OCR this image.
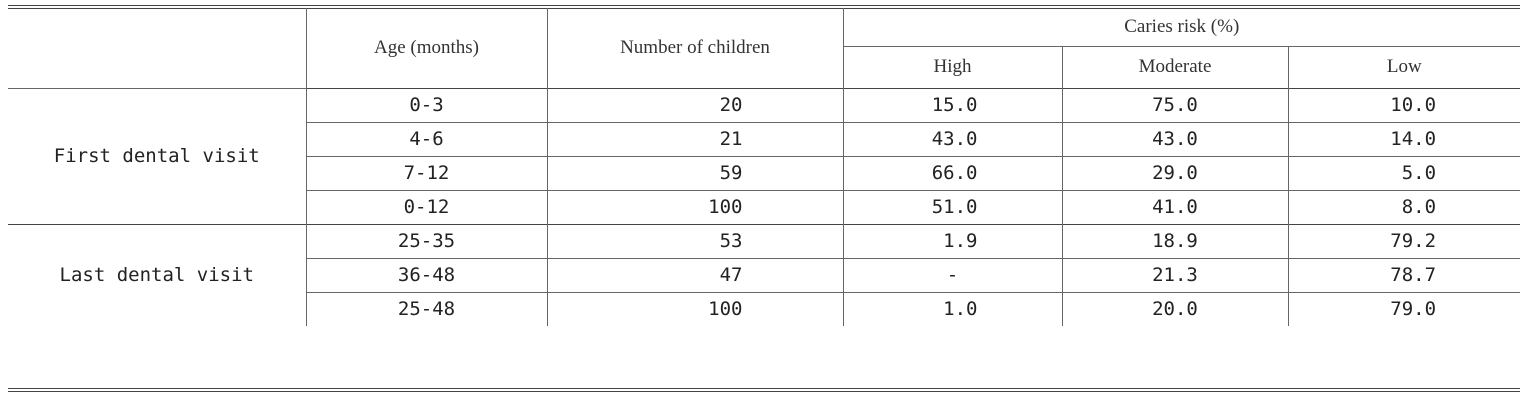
	Age (months)	Number of children	Caries risk (%)		
			High	Moderate	Low
First dental visit	0-3	20	15.0	75.0	10.0
	4-6	21	43.0	43.0	14.0
	7-12	59	66.0	29.0	5.0
	0-12	100	51.0	41.0	8.0
Last dental visit	25-35	53	1.9	18.9	79.2
	36-48	47	-	21.3	78.7
	25-48	100	1.0	20.0	79.0
